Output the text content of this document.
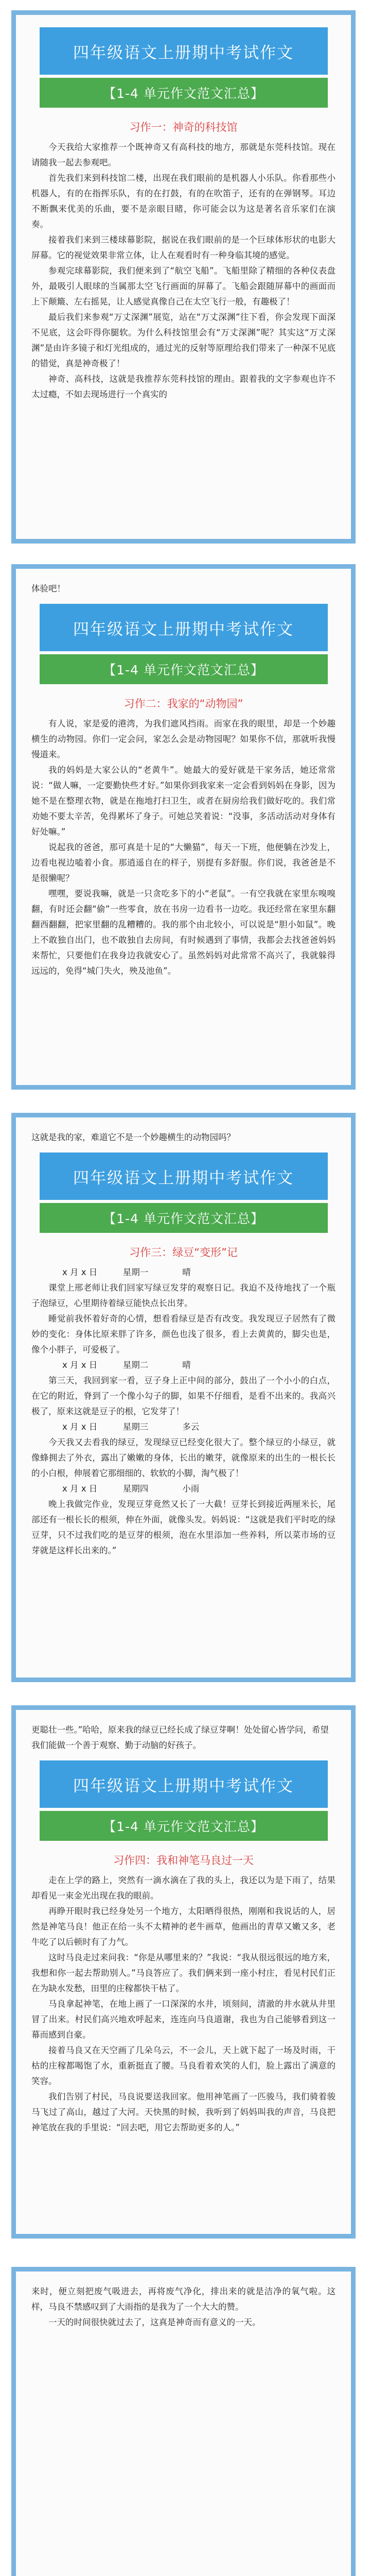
四年级语文上册期中考试作文
【1-4 单元作文范文汇总】
习作一：神奇的科技馆

今天我给大家推荐一个既神奇又有高科技的地方，那就是东莞科技馆。现在请随我一起去参观吧。

首先我们来到科技馆二楼，出现在我们眼前的是机器人小乐队。你看那些小机器人，有的在指挥乐队，有的在打鼓，有的在吹笛子，还有的在弹钢琴。耳边不断飘来优美的乐曲，要不是亲眼目睹，你可能会以为这是著名音乐家们在演奏。

接着我们来到三楼球幕影院，据说在我们眼前的是一个巨球体形状的电影大屏幕。它的视觉效果非常立体，让人在观看时有一种身临其境的感觉。

参观完球幕影院，我们便来到了“航空飞船”。飞船里除了精细的各种仪表盘外，最吸引人眼球的当属那太空飞行画面的屏幕了。飞船会跟随屏幕中的画面而上下颠簸、左右摇晃，让人感觉真像自己在太空飞行一般，有趣极了！

最后我们来参观“万丈深渊”展览，站在“万丈深渊”往下看，你会发现下面深不见底，这会吓得你腿软。为什么科技馆里会有“万丈深渊”呢？其实这“万丈深渊”是由许多镜子和灯光组成的，通过光的反射等原理给我们带来了一种深不见底的错觉，真是神奇极了！

神奇、高科技，这就是我推荐东莞科技馆的理由。跟着我的文字参观也许不太过瘾，不如去现场进行一个真实的

体验吧！

四年级语文上册期中考试作文
【1-4 单元作文范文汇总】
习作二：我家的“动物园”

有人说，家是爱的港湾，为我们遮风挡雨。而家在我的眼里，却是一个妙趣横生的动物园。你们一定会问，家怎么会是动物园呢？如果你不信，那就听我慢慢道来。

我的妈妈是大家公认的“老黄牛”。她最大的爱好就是干家务活，她还常常说：“做人嘛，一定要勤快些才好。”如果你到我家来一定会看到妈妈在身影，因为她不是在整理衣物，就是在拖地打扫卫生，或者在厨房给我们做好吃的。我们常劝她不要太辛苦，免得累坏了身子。可她总笑着说：“没事，多活动活动对身体有好处嘛。”

说起我的爸爸，那可真是十足的“大懒猫”，每天一下班，他便躺在沙发上，边看电视边嗑着小食。那逍遥自在的样子，别提有多舒服。你们说，我爸爸是不是很懒呢？

嘿嘿，要说我嘛，就是一只贪吃多下的小“老鼠”。一有空我就在家里东嗅嗅翻，有时还会翻“偷”一些零食，放在书房一边看书一边吃。我还经常在家里东翻翻西翻翻，把家里翻的乱糟糟的。我的那个由北较小，可以说是“胆小如鼠”。晚上不敢独自出门，也不敢独自去房间，有时候遇到了事情，我都会去找爸爸妈妈来帮忙，只要他们在我身边我就安心了。虽然妈妈对此常常不高兴了，我就躲得远远的，免得“城门失火，殃及池鱼”。

这就是我的家，难道它不是一个妙趣横生的动物园吗？

四年级语文上册期中考试作文
【1-4 单元作文范文汇总】
习作三：绿豆“变形”记

x 月 x 日　　　星期一　　　　晴

课堂上邢老师让我们回家写绿豆发芽的观察日记。我迫不及待地找了一个瓶子泡绿豆，心里期待着绿豆能快点长出芽。

睡觉前我怀着好奇的心情，想看看绿豆是否有改变。我发现豆子居然有了微妙的变化：身体比原来胖了许多，颜色也浅了很多，看上去黄黄的，脚尖也是，像个小胖子，可爱极了。

x 月 x 日　　　星期二　　　　晴

第三天，我回到家一看，豆子身上正中间的部分，鼓出了一个小小的白点，在它的附近，脊到了一个像小勾子的脚，如果不仔细看，是看不出来的。我高兴极了，原来这就是豆子的根，它发芽了！

x 月 x 日　　　星期三　　　　多云

今天我又去看我的绿豆，发现绿豆已经变化很大了。整个绿豆的小绿豆，就像蜂拥去了外衣，露出了嫩嫩的身体，长出的嫩芽，就像原来的出生的一根长长的小白根，伸展着它那细细的、软软的小脚，淘气极了！

x 月 x 日　　　星期四　　　　小雨

晚上我做完作业，发现豆芽竟然又长了一大截！豆芽长到接近两厘米长，尾部还有一根长长的根须，伸在外面，就像头发。妈妈说：“这就是我们平时吃的绿豆芽，只不过我们吃的是豆芽的根须，泡在水里添加一些养料，所以菜市场的豆芽就是这样长出来的。”

更聪壮一些。”哈哈，原来我的绿豆已经长成了绿豆芽啊！处处留心皆学问，希望我们能做一个善于观察、勤于动脑的好孩子。

四年级语文上册期中考试作文
【1-4 单元作文范文汇总】
习作四：我和神笔马良过一天

走在上学的路上，突然有一滴水滴在了我的头上，我还以为是下雨了，结果却看见一束金光出现在我的眼前。

再睁开眼时我已经身处另一个地方，太阳晒得很热，刚刚和我说话的人，居然是神笔马良！他正在给一头不太精神的老牛画草，他画出的青草又嫩又多，老牛吃了以后顿时有了力气。

这时马良走过来问我：“你是从哪里来的？”我说：“我从很远很远的地方来，我想和你一起去帮助别人。”马良答应了。我们俩来到一座小村庄，看见村民们正在为缺水发愁，田里的庄稼都快干枯了。

马良拿起神笔，在地上画了一口深深的水井，顷刻间，清澈的井水就从井里冒了出来。村民们高兴地欢呼起来，连连向马良道谢，我也为自己能够看到这一幕而感到自豪。

接着马良又在天空画了几朵乌云，不一会儿，天上就下起了一场及时雨，干枯的庄稼都喝饱了水，重新挺直了腰。马良看着欢笑的人们，脸上露出了满意的笑容。

我们告别了村民，马良说要送我回家。他用神笔画了一匹骏马，我们骑着骏马飞过了高山，越过了大河。天快黑的时候，我听到了妈妈叫我的声音，马良把神笔放在我的手里说：“回去吧，用它去帮助更多的人。”

来时，便立刻把废气吸进去，再将废气净化，排出来的就是洁净的氧气啦。这样，马良不禁感叹到了大雨指的是我为了一个大大的赞。

一天的时间很快就过去了，这真是神奇而有意义的一天。
